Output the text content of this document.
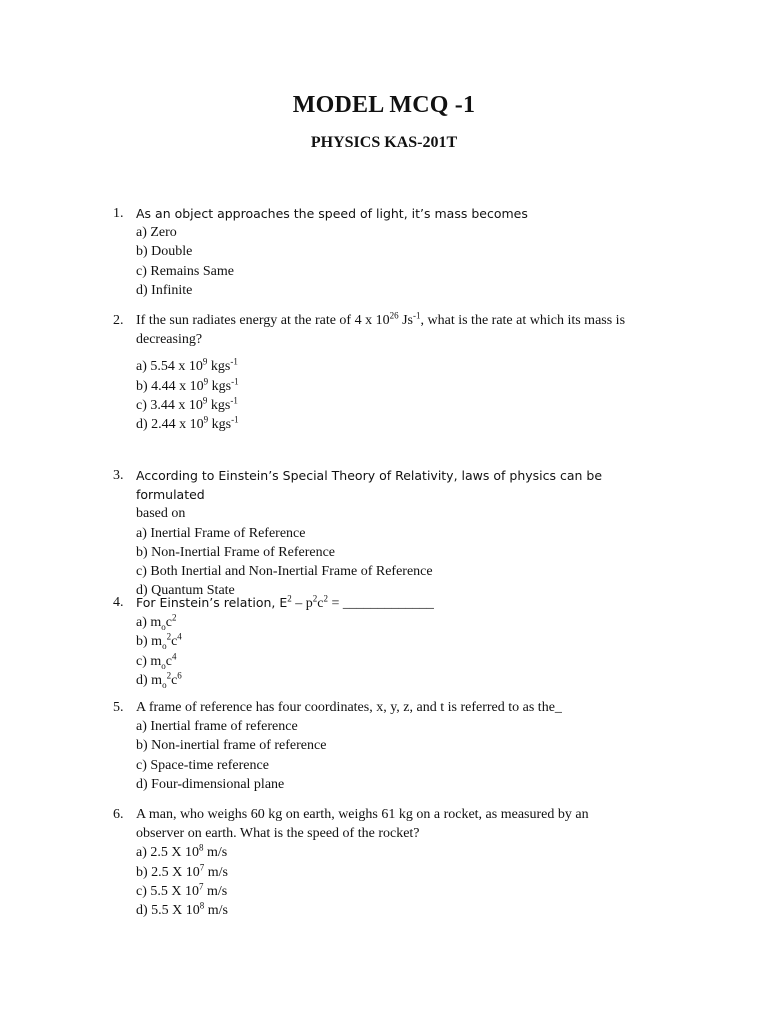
MODEL MCQ -1
PHYSICS KAS-201T
1. As an object approaches the speed of light, it’s mass becomes
a) Zero
b) Double
c) Remains Same
d) Infinite
2. If the sun radiates energy at the rate of 4 x $10^{26}$ $Js^{-1}$, what is the rate at which its mass is decreasing?
a) 5.54 x $10^9$ kgs$^{-1}$
b) 4.44 x $10^9$ kgs$^{-1}$
c) 3.44 x $10^9$ kgs$^{-1}$
d) 2.44 x $10^9$ kgs$^{-1}$
3. According to Einstein’s Special Theory of Relativity, laws of physics can be formulated
based on
a) Inertial Frame of Reference
b) Non-Inertial Frame of Reference
c) Both Inertial and Non-Inertial Frame of Reference
d) Quantum State
4. For Einstein’s relation, $E^2 - p^2c^2$ = _____________
a) $m_oc^2$
b) $m_o^2c^4$
c) $m_oc^4$
d) $m_o^2c^6$
5. A frame of reference has four coordinates, x, y, z, and t is referred to as the_
a) Inertial frame of reference
b) Non-inertial frame of reference
c) Space-time reference
d) Four-dimensional plane
6. A man, who weighs 60 kg on earth, weighs 61 kg on a rocket, as measured by an observer on earth. What is the speed of the rocket?
a) 2.5 X $10^8$ m/s
b) 2.5 X $10^7$ m/s
c) 5.5 X $10^7$ m/s
d) 5.5 X $10^8$ m/s
